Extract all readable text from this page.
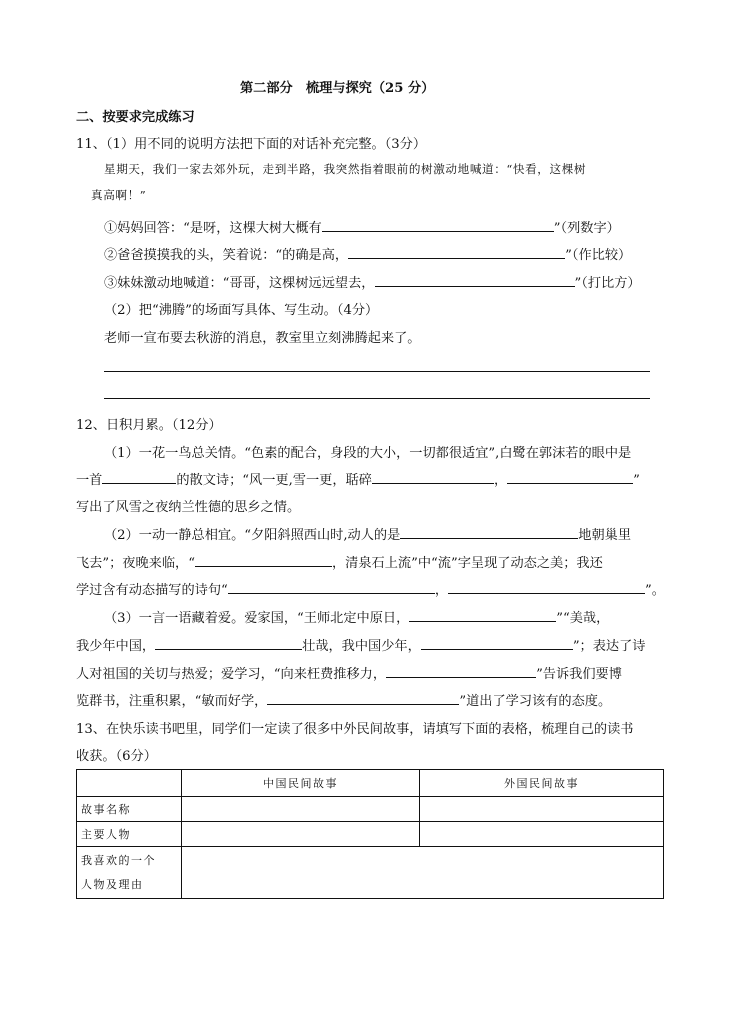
第二部分　梳理与探究（25 分）
二、按要求完成练习
11、（1）用不同的说明方法把下面的对话补充完整。（3分）
星期天，我们一家去郊外玩，走到半路，我突然指着眼前的树激动地喊道：“快看，这棵树
真高啊！”
①妈妈回答：“是呀，这棵大树大概有	”（列数字）
②爸爸摸摸我的头，笑着说：“的确是高，	”（作比较）
③妹妹激动地喊道：“哥哥，这棵树远远望去，	”（打比方）
（2）把“沸腾”的场面写具体、写生动。（4分）
老师一宣布要去秋游的消息，教室里立刻沸腾起来了。
12、日积月累。（12分）
（1）一花一鸟总关情。“色素的配合，身段的大小，一切都很适宜”,白鹭在郭沫若的眼中是
一首	的散文诗；“风一更,雪一更，聒碎	，	”
写出了风雪之夜纳兰性德的思乡之情。
（2）一动一静总相宜。“夕阳斜照西山时,动人的是	地朝巢里
飞去”；夜晚来临，“	，清泉石上流”中“流”字呈现了动态之美；我还
学过含有动态描写的诗句“	，	”。
（3）一言一语藏着爱。爱家国，“王师北定中原日，	”“美哉，
我少年中国，	壮哉，我中国少年，	”；表达了诗
人对祖国的关切与热爱；爱学习，“向来枉费推移力，	”告诉我们要博
览群书，注重积累，“敏而好学，	”道出了学习该有的态度。
13、在快乐读书吧里，同学们一定读了很多中外民间故事，请填写下面的表格，梳理自己的读书
收获。（6分）
	中国民间故事	外国民间故事
故事名称		
主要人物		

我喜欢的一个
人物及理由		
